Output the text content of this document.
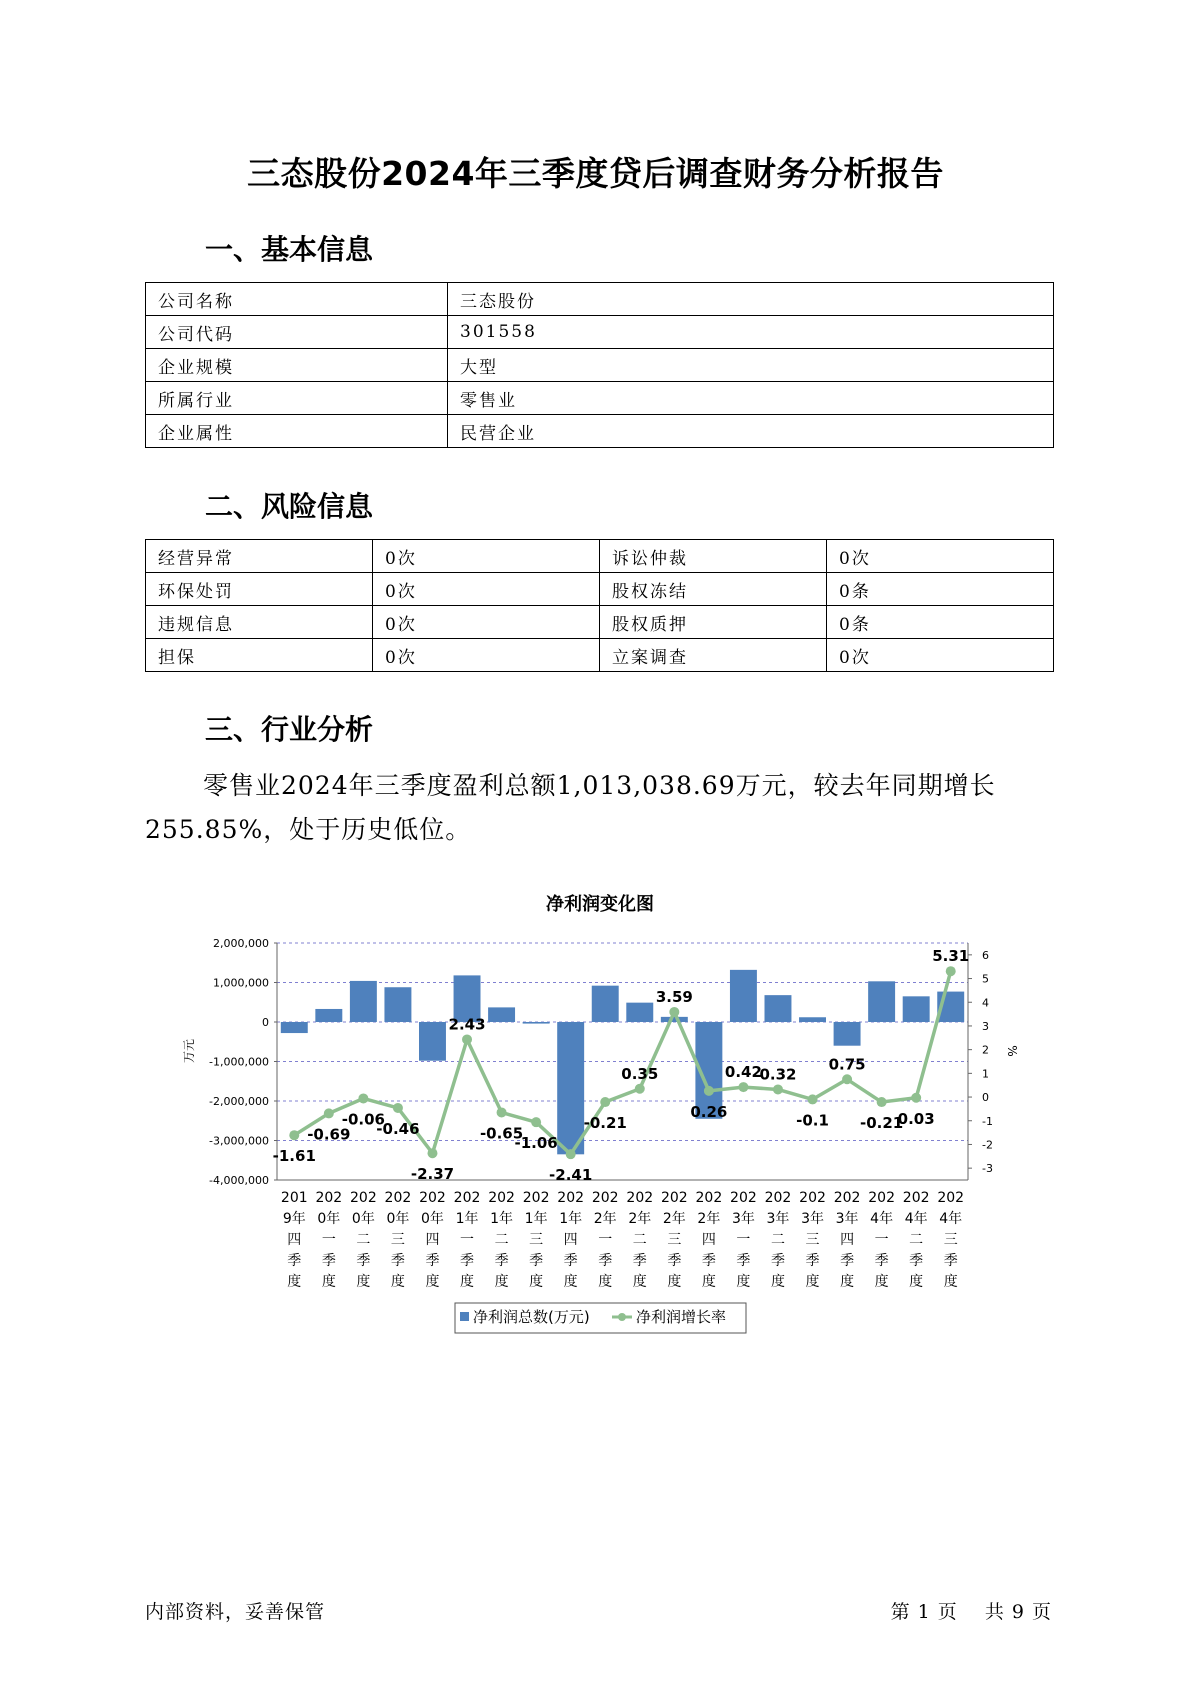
三态股份2024年三季度贷后调查财务分析报告
一、基本信息
公司名称	三态股份
公司代码	301558
企业规模	大型
所属行业	零售业
企业属性	民营企业
二、风险信息
经营异常	0次	诉讼仲裁	0次
环保处罚	0次	股权冻结	0条
违规信息	0次	股权质押	0条
担保	0次	立案调查	0次
三、行业分析
零售业2024年三季度盈利总额1,013,038.69万元，较去年同期增长
255.85%，处于历史低位。
净利润变化图
万元	%
2,000,000
1,000,000
0
-1,000,000
-2,000,000
-3,000,000
-4,000,000
6
5
4
3
2
1
0
-1
-2
-3
-1.61
-0.69
-0.06
-0.46
-2.37
2.43
-0.65
-1.06
-2.41
-0.21
0.35
3.59
0.26
0.42
0.32
-0.1
0.75
-0.21
0.03
5.31
201
9年
四
季
度
202
0年
一
季
度
202
0年
二
季
度
202
0年
三
季
度
202
0年
四
季
度
202
1年
一
季
度
202
1年
二
季
度
202
1年
三
季
度
202
1年
四
季
度
202
2年
一
季
度
202
2年
二
季
度
202
2年
三
季
度
202
2年
四
季
度
202
3年
一
季
度
202
3年
二
季
度
202
3年
三
季
度
202
3年
四
季
度
202
4年
一
季
度
202
4年
二
季
度
202
4年
三
季
度
净利润总数(万元)	净利润增长率
内部资料，妥善保管	第 1 页 共 9 页
